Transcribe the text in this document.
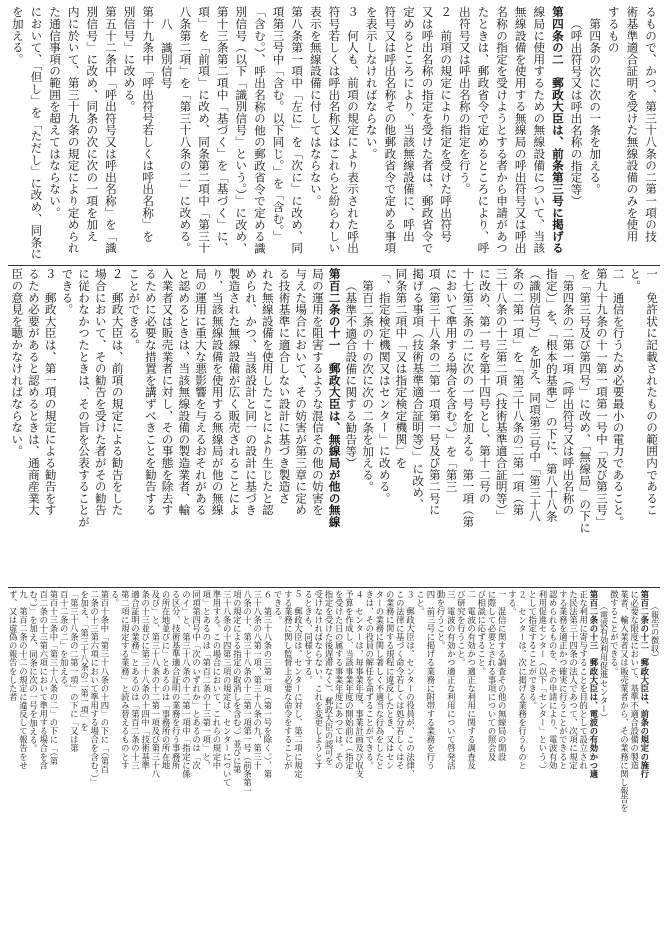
るもので、かつ、第三十八条の二第一項の技
術基準適合証明を受けた無線設備のみを使用
するもの
第四条の次に次の一条を加える。
（呼出符号又は呼出名称の指定等）
第四条の二　郵政大臣は、前条第三号に掲げる
線局に使用するための無線設備について、当該
無線設備を使用する無線局の呼出符号又は呼出
名称の指定を受けようとする者から申請があつ
たときは、郵政省令で定めるところにより、呼
出符号又は呼出名称の指定を行う。
２　前項の規定により指定を受けた呼出符号
又は呼出名称の指定を受けた者は、郵政省令で
定めるところにより、当該無線設備に、呼出
符号又は呼出名称その他郵政省令で定める事項
を表示しなければならない。
３　何人も、前項の規定により表示された呼出
符号若しくは呼出名称又はこれらと紛らわしい
表示を無線設備に付してはならない。
第八条第一項中「左に」を「次に」に改め、同
項第三号中「含む。以下同じ。」を「含む。」
「含む。）、呼出名称の他の郵政省令で定める識
別信号（以下「識別信号」という。）」に改め、
第十三条第二項中「基づく」を「基づく」に、
項」を「前項」に改め、同条第二項中「第三十
八条第二項」を「第三十八条の二」に改める。
八　識別信号
第十九条中「呼出符号若しくは呼出名称」を
別信号」に改める。
第五十二条中「呼出符号又は呼出名称」を「識
別信号」に改め、同条の次に次の一項を加え
内に於いて、第三十九条の規定により定められ
た通信事項の範囲を超えてはならない。
において、「但し」を「ただし」に改め、同条に
を加える。
一　免許状に記載されたものの範囲内であるこ
と。
二　通信を行うため必要最小の電力であること。
第九十九条の十一第一項第一号中「及び第三号」
を「第三号及び第四号」に改め、「無線局」の下に
「第四条の二第一項（呼出符号又は呼出名称の
指定）」を、「根本的基準）」の下に、第八十八条
（識別信号）」を加え、同項第三号中「第三十八
条の二第一項」を「第三十八条の二第一項（第
三十八条の十三第二項（技術基準適合証明等）」
に改め、第一号を第十四号とし、第十二号の
十七第三条の二に次の一号を加える。第一項（第
において準用する場合を含む。）」を「第三
項（第三十八条の二第一項第一号及び第二号に
掲げる事項（技術基準適合証明等）」に改め、
同条第二項中「又は指定検定機関」を
「、指定検定機関又はセンター」に改める。
第百二条の十の次に次の二条を加える。
（基準不適合設備に関する勧告等）
第百二条の十一　郵政大臣は、無線局が他の無線
局の運用を阻害するような混信その他の妨害を
与えた場合において、その妨害が第三章に定め
る技術基準に適合しない設計に基づき製造さ
れた無線設備を使用したことにより生じたと認
められ、かつ、当該設計と同一の設計に基づき
製造された無線設備が広く販売されることによ
り、当該無線設備を使用する無線局が他の無線
局の運用に重大な悪影響を与えるおそれがある
と認めるときは、当該無線設備の製造業者、輸
入業者又は販売業者に対し、その事態を除去す
るために必要な措置を講ずべきことを勧告する
ことができる。
２　郵政大臣は、前項の規定による勧告をした
場合において、その勧告を受けた者がその勧告
に従わなかつたときは、その旨を公表することが
できる。
３　郵政大臣は、第一項の規定による勧告をす
るため必要があると認めるときは、通商産業大
臣の意見を聴かなければならない。
（報告の徴収）
第百二条の十二　郵政大臣は、前条の規定の施行
に必要な限度において、基準不適合設備の製造
業者、輸入業者又は販売業者から、その業務に関し報告を
徴することができる。
（電波有効利用促進センター）
第百二条の十三　郵政大臣は、電波の有効かつ適
正な利用に寄与することを目的として設立され
た民法第三十四条の法人であつて、次項に規定
する業務を適正かつ確実に行うことができると
認められるものを、その申請により、電波有効
利用促進センター（以下「センター」という。）
として指定することができる。
２　センターは、次に掲げる業務を行うものと
する。
一　混信に関する調査その他の無線局の開設
に際して必要とされる事項についての照会及
び相談に応ずること。
二　電波の有効かつ適正な利用に関する調査及
び研究を行うこと。
三　電波の有効かつ適正な利用について啓発活
動を行うこと。
四　前三号に掲げる業務に附帯する業務を行う
こと。
３　郵政大臣は、センターの役員が、この法律、
この法律に基づく命令若しくは処分若しくはそ
の業務に関する規程に違反したとき、又はセン
ターの業務に関し著しく不適当な行為をしたと
きは、その役員の解任を命ずることができる。
４　センターは、毎事業年度、事業計画及び収支
予算を作成し、当該事業年度の開始前に（指定
を受けた日の属する事業年度にあつては、その
指定を受けた後遅滞なく）、郵政大臣の認可を
受けなければならない。これを変更しようとす
るときも、同様とする。
５　郵政大臣は、センターに対し、第二項に規定
する業務に関し監督上必要な命令をすることが
できる。
６　第三十八条の三第一項（第一号を除く。）、第
三十八条の八第一項、第三十八条の九、第三十
八条の十、第三十八条の十二第一項第一号（前条第一
項の規定による指定の取消しを含む。）並びに第
三十八条の十四第三項の規定は、センターについて
準用する。この場合において、これらの規定中
項」とあるのは「第百二条の十三第一項」と、
同項第四号中「次のいずれか」とあるのは「次
のイ」と、第三十八条の十二第一項中「指定に係
る区分、技術基準適合証明の業務を行う事務所
の所在地並びに」とあるのは「事務所の所在地
及び」と、第三十八条の十二第一項及び第三十八
条の十三並びに第三十八条の十四中「技術基準
適合証明の業務」とあるのは「第百二条の十三
第二項に規定する業務」と読み替えるものとす
る。
第百十条中「第三十八条の十四」の下に「（第百
二条の十三第六項において準用する場合を含む。）」
を加え、「第三十八条の二第一項」を
「第三十八条の二第一項」の下に「又は第
百十二条の二」を加える。
第百十三条中「第三十八条の二」の下に「（第
百二条の十三第六項において準用する場合を含
む。）」を加え、同条に次の一号を加える。
九　第百二条の十二の規定に違反して報告をせ
ず、又は虚偽の報告をした者
